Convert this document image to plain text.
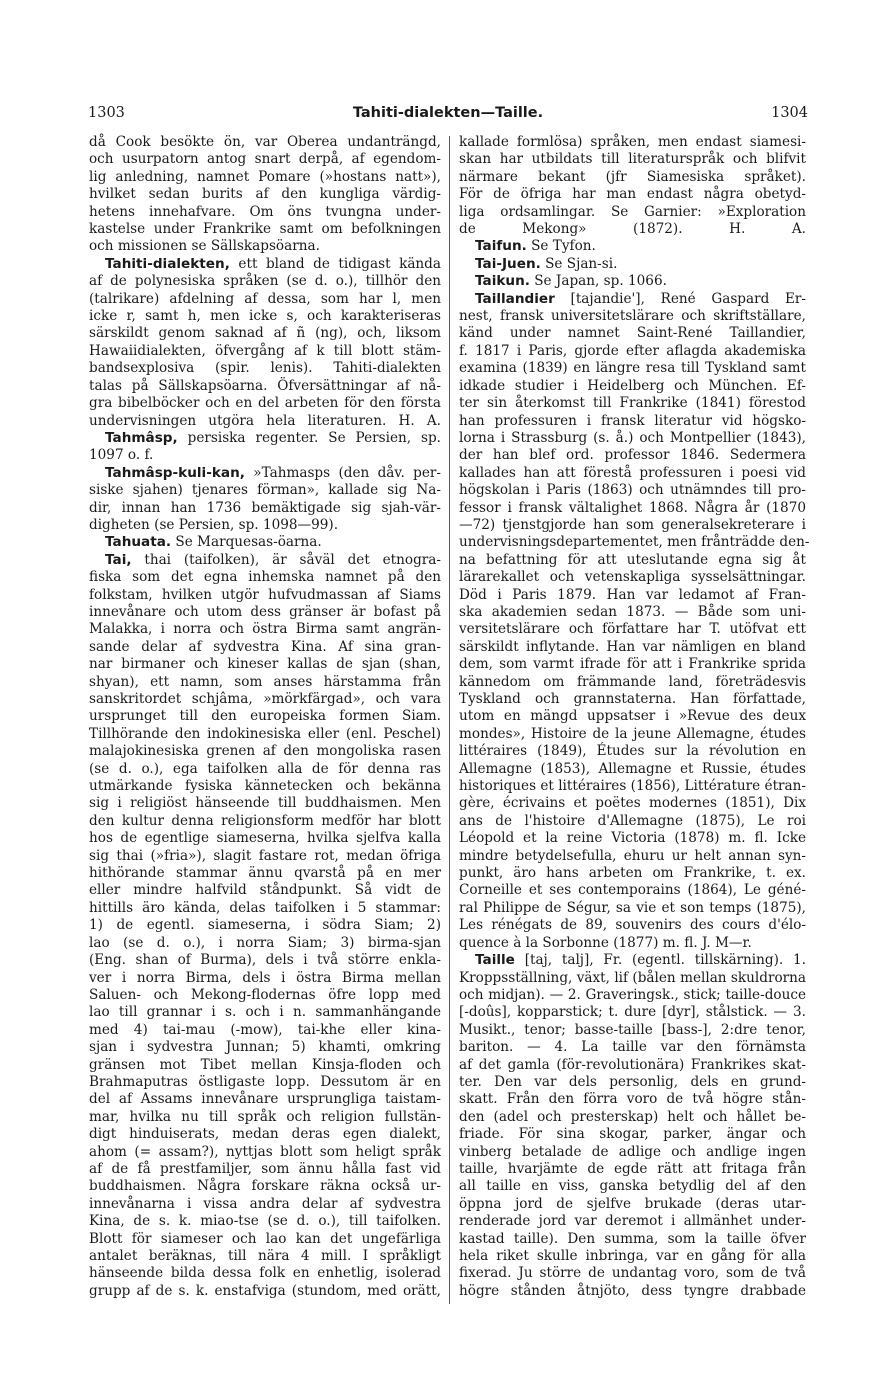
1303	Tahiti-dialekten—Taille.	1304
då Cook besökte ön, var Oberea undanträngd,
och usurpatorn antog snart derpå, af egendom-
lig anledning, namnet Pomare (»hostans natt»),
hvilket sedan burits af den kungliga värdig-
hetens innehafvare. Om öns tvungna under-
kastelse under Frankrike samt om befolkningen
och missionen se Sällskapsöarna.
Tahiti-dialekten, ett bland de tidigast kända
af de polynesiska språken (se d. o.), tillhör den
(talrikare) afdelning af dessa, som har l, men
icke r, samt h, men icke s, och karakteriseras
särskildt genom saknad af ñ (ng), och, liksom
Hawaiidialekten, öfvergång af k till blott stäm-
bandsexplosiva (spir. lenis). Tahiti-dialekten
talas på Sällskapsöarna. Öfversättningar af nå-
gra bibelböcker och en del arbeten för den första
undervisningen utgöra hela literaturen. H. A.
Tahmâsp, persiska regenter. Se Persien, sp.
1097 o. f.
Tahmâsp-kuli-kan, »Tahmasps (den dåv. per-
siske sjahen) tjenares förman», kallade sig Na-
dir, innan han 1736 bemäktigade sig sjah-vär-
digheten (se Persien, sp. 1098—99).
Tahuata. Se Marquesas-öarna.
Tai, thai (taifolken), är såväl det etnogra-
fiska som det egna inhemska namnet på den
folkstam, hvilken utgör hufvudmassan af Siams
innevånare och utom dess gränser är bofast på
Malakka, i norra och östra Birma samt angrän-
sande delar af sydvestra Kina. Af sina gran-
nar birmaner och kineser kallas de sjan (shan,
shyan), ett namn, som anses härstamma från
sanskritordet schjâma, »mörkfärgad», och vara
ursprunget till den europeiska formen Siam.
Tillhörande den indokinesiska eller (enl. Peschel)
malajokinesiska grenen af den mongoliska rasen
(se d. o.), ega taifolken alla de för denna ras
utmärkande fysiska kännetecken och bekänna
sig i religiöst hänseende till buddhaismen. Men
den kultur denna religionsform medför har blott
hos de egentlige siameserna, hvilka sjelfva kalla
sig thai (»fria»), slagit fastare rot, medan öfriga
hithörande stammar ännu qvarstå på en mer
eller mindre halfvild ståndpunkt. Så vidt de
hittills äro kända, delas taifolken i 5 stammar:
1) de egentl. siameserna, i södra Siam; 2)
lao (se d. o.), i norra Siam; 3) birma-sjan
(Eng. shan of Burma), dels i två större enkla-
ver i norra Birma, dels i östra Birma mellan
Saluen- och Mekong-flodernas öfre lopp med
lao till grannar i s. och i n. sammanhängande
med 4) tai-mau (-mow), tai-khe eller kina-
sjan i sydvestra Junnan; 5) khamti, omkring
gränsen mot Tibet mellan Kinsja-floden och
Brahmaputras östligaste lopp. Dessutom är en
del af Assams innevånare ursprungliga taistam-
mar, hvilka nu till språk och religion fullstän-
digt hinduiserats, medan deras egen dialekt,
ahom (= assam?), nyttjas blott som heligt språk
af de få prestfamiljer, som ännu hålla fast vid
buddhaismen. Några forskare räkna också ur-
innevånarna i vissa andra delar af sydvestra
Kina, de s. k. miao-tse (se d. o.), till taifolken.
Blott för siameser och lao kan det ungefärliga
antalet beräknas, till nära 4 mill. I språkligt
hänseende bilda dessa folk en enhetlig, isolerad
grupp af de s. k. enstafviga (stundom, med orätt,
kallade formlösa) språken, men endast siamesi-
skan har utbildats till literaturspråk och blifvit
närmare bekant (jfr Siamesiska språket).
För de öfriga har man endast några obetyd-
liga ordsamlingar. Se Garnier: »Exploration
de Mekong» (1872). H. A.
Taifun. Se Tyfon.
Tai-Juen. Se Sjan-si.
Taikun. Se Japan, sp. 1066.
Taillandier [tajandie'], René Gaspard Er-
nest, fransk universitetslärare och skriftställare,
känd under namnet Saint-René Taillandier,
f. 1817 i Paris, gjorde efter aflagda akademiska
examina (1839) en längre resa till Tyskland samt
idkade studier i Heidelberg och München. Ef-
ter sin återkomst till Frankrike (1841) förestod
han professuren i fransk literatur vid högsko-
lorna i Strassburg (s. å.) och Montpellier (1843),
der han blef ord. professor 1846. Sedermera
kallades han att förestå professuren i poesi vid
högskolan i Paris (1863) och utnämndes till pro-
fessor i fransk vältalighet 1868. Några år (1870
—72) tjenstgjorde han som generalsekreterare i
undervisningsdepartementet, men frånträdde den-
na befattning för att uteslutande egna sig åt
lärarekallet och vetenskapliga sysselsättningar.
Död i Paris 1879. Han var ledamot af Fran-
ska akademien sedan 1873. — Både som uni-
versitetslärare och författare har T. utöfvat ett
särskildt inflytande. Han var nämligen en bland
dem, som varmt ifrade för att i Frankrike sprida
kännedom om främmande land, företrädesvis
Tyskland och grannstaterna. Han författade,
utom en mängd uppsatser i »Revue des deux
mondes», Histoire de la jeune Allemagne, études
littéraires (1849), Études sur la révolution en
Allemagne (1853), Allemagne et Russie, études
historiques et littéraires (1856), Littérature étran-
gère, écrivains et poëtes modernes (1851), Dix
ans de l'histoire d'Allemagne (1875), Le roi
Léopold et la reine Victoria (1878) m. fl. Icke
mindre betydelsefulla, ehuru ur helt annan syn-
punkt, äro hans arbeten om Frankrike, t. ex.
Corneille et ses contemporains (1864), Le géné-
ral Philippe de Ségur, sa vie et son temps (1875),
Les rénégats de 89, souvenirs des cours d'élo-
quence à la Sorbonne (1877) m. fl. J. M—r.
Taille [taj, talj], Fr. (egentl. tillskärning). 1.
Kroppsställning, växt, lif (bålen mellan skuldrorna
och midjan). — 2. Graveringsk., stick; taille-douce
[-doûs], kopparstick; t. dure [dyr], stålstick. — 3.
Musikt., tenor; basse-taille [bass-], 2:dre tenor,
bariton. — 4. La taille var den förnämsta
af det gamla (för-revolutionära) Frankrikes skat-
ter. Den var dels personlig, dels en grund-
skatt. Från den förra voro de två högre stån-
den (adel och presterskap) helt och hållet be-
friade. För sina skogar, parker, ängar och
vinberg betalade de adlige och andlige ingen
taille, hvarjämte de egde rätt att fritaga från
all taille en viss, ganska betydlig del af den
öppna jord de sjelfve brukade (deras utar-
renderade jord var deremot i allmänhet under-
kastad taille). Den summa, som la taille öfver
hela riket skulle inbringa, var en gång för alla
fixerad. Ju större de undantag voro, som de två
högre stånden åtnjöto, dess tyngre drabbade
